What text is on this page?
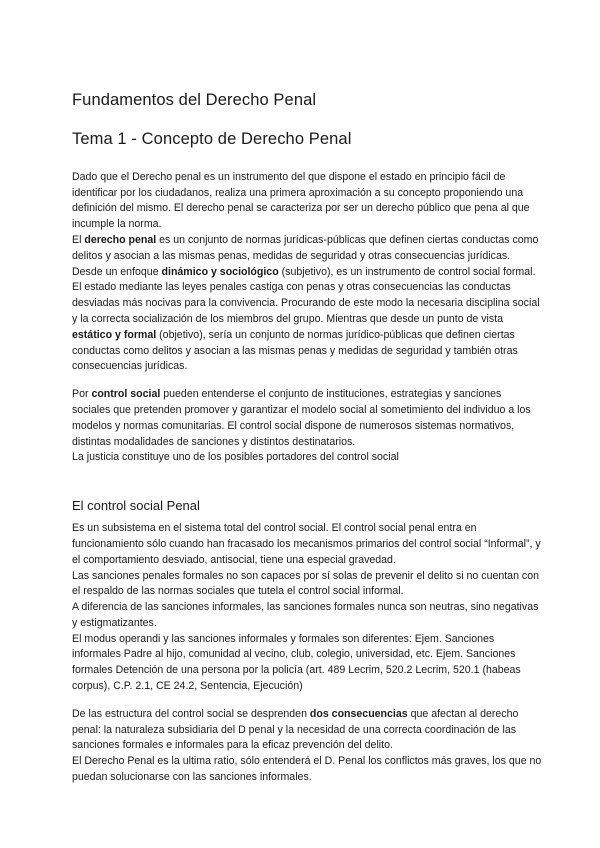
Fundamentos del Derecho Penal
Tema 1 - Concepto de Derecho Penal

Dado que el Derecho penal es un instrumento del que dispone el estado en principio fácil de identificar por los ciudadanos, realiza una primera aproximación a su concepto proponiendo una definición del mismo. El derecho penal se caracteriza por ser un derecho público que pena al que incumple la norma.

El derecho penal es un conjunto de normas jurídicas-públicas que definen ciertas conductas como delitos y asocian a las mismas penas, medidas de seguridad y otras consecuencias jurídicas.

Desde un enfoque dinámico y sociológico (subjetivo), es un instrumento de control social formal. El estado mediante las leyes penales castiga con penas y otras consecuencias las conductas desviadas más nocivas para la convivencia. Procurando de este modo la necesaria disciplina social y la correcta socialización de los miembros del grupo. Mientras que desde un punto de vista estático y formal (objetivo), sería un conjunto de normas jurídico-públicas que definen ciertas conductas como delitos y asocian a las mismas penas y medidas de seguridad y también otras consecuencias jurídicas.

Por control social pueden entenderse el conjunto de instituciones, estrategias y sanciones sociales que pretenden promover y garantizar el modelo social al sometimiento del individuo a los modelos y normas comunitarias. El control social dispone de numerosos sistemas normativos, distintas modalidades de sanciones y distintos destinatarios.

La justicia constituye uno de los posibles portadores del control social

El control social Penal

Es un subsistema en el sistema total del control social. El control social penal entra en funcionamiento sólo cuando han fracasado los mecanismos primarios del control social “Informal”, y el comportamiento desviado, antisocial, tiene una especial gravedad.

Las sanciones penales formales no son capaces por sí solas de prevenir el delito si no cuentan con el respaldo de las normas sociales que tutela el control social informal.

A diferencia de las sanciones informales, las sanciones formales nunca son neutras, sino negativas y estigmatizantes.

El modus operandi y las sanciones informales y formales son diferentes: Ejem. Sanciones informales Padre al hijo, comunidad al vecino, club, colegio, universidad, etc. Ejem. Sanciones formales Detención de una persona por la policía (art. 489 Lecrim, 520.2 Lecrim, 520.1 (habeas corpus), C.P. 2.1, CE 24.2, Sentencia, Ejecución)

De las estructura del control social se desprenden dos consecuencias que afectan al derecho penal: la naturaleza subsidiaria del D penal y la necesidad de una correcta coordinación de las sanciones formales e informales para la eficaz prevención del delito.

El Derecho Penal es la ultima ratio, sólo entenderá el D. Penal los conflictos más graves, los que no puedan solucionarse con las sanciones informales.
